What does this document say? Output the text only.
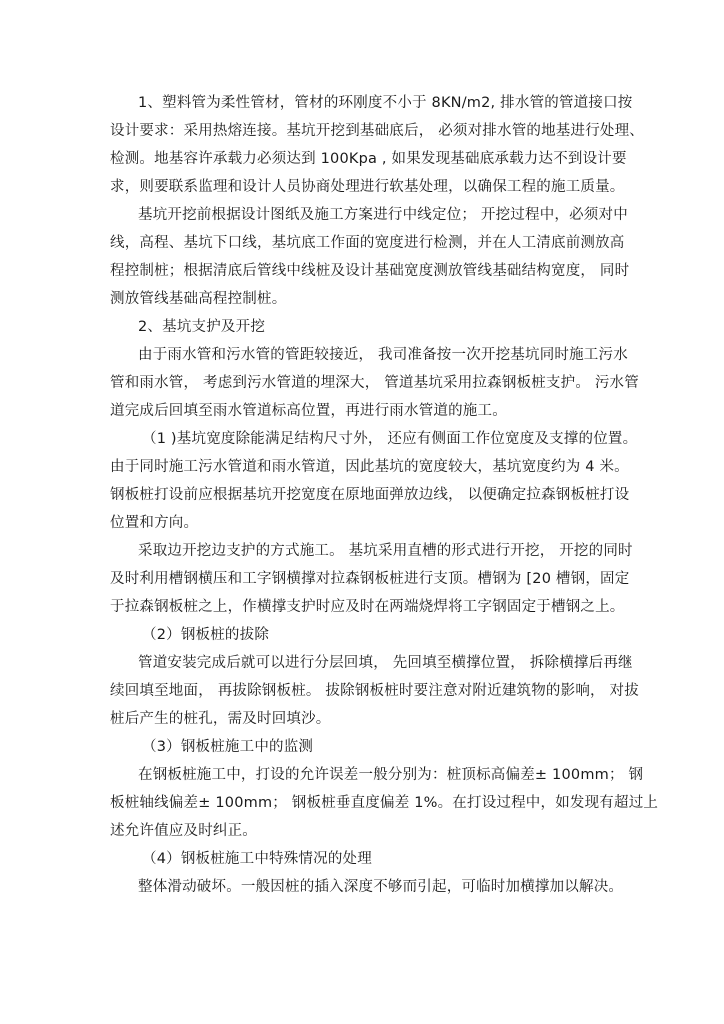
1、塑料管为柔性管材，管材的环刚度不小于 8KN/m2, 排水管的管道接口按
设计要求：采用热熔连接。基坑开挖到基础底后， 必须对排水管的地基进行处理、
检测。地基容许承载力必须达到 100Kpa , 如果发现基础底承载力达不到设计要
求，则要联系监理和设计人员协商处理进行软基处理，以确保工程的施工质量。
基坑开挖前根据设计图纸及施工方案进行中线定位； 开挖过程中，必须对中
线，高程、基坑下口线，基坑底工作面的宽度进行检测，并在人工清底前测放高
程控制桩；根据清底后管线中线桩及设计基础宽度测放管线基础结构宽度， 同时
测放管线基础高程控制桩。
2、基坑支护及开挖
由于雨水管和污水管的管距较接近， 我司准备按一次开挖基坑同时施工污水
管和雨水管， 考虑到污水管道的埋深大， 管道基坑采用拉森钢板桩支护。 污水管
道完成后回填至雨水管道标高位置，再进行雨水管道的施工。
（1 )基坑宽度除能满足结构尺寸外， 还应有侧面工作位宽度及支撑的位置。
由于同时施工污水管道和雨水管道，因此基坑的宽度较大，基坑宽度约为 4 米。
钢板桩打设前应根据基坑开挖宽度在原地面弹放边线， 以便确定拉森钢板桩打设
位置和方向。
采取边开挖边支护的方式施工。 基坑采用直槽的形式进行开挖， 开挖的同时
及时利用槽钢横压和工字钢横撑对拉森钢板桩进行支顶。槽钢为 [20 槽钢，固定
于拉森钢板桩之上，作横撑支护时应及时在两端烧焊将工字钢固定于槽钢之上。
（2）钢板桩的拔除
管道安装完成后就可以进行分层回填， 先回填至横撑位置， 拆除横撑后再继
续回填至地面， 再拔除钢板桩。 拔除钢板桩时要注意对附近建筑物的影响， 对拔
桩后产生的桩孔，需及时回填沙。
（3）钢板桩施工中的监测
在钢板桩施工中，打设的允许误差一般分别为：桩顶标高偏差± 100mm； 钢
板桩轴线偏差± 100mm； 钢板桩垂直度偏差 1%。在打设过程中，如发现有超过上
述允许值应及时纠正。
（4）钢板桩施工中特殊情况的处理
整体滑动破坏。一般因桩的插入深度不够而引起，可临时加横撑加以解决。
